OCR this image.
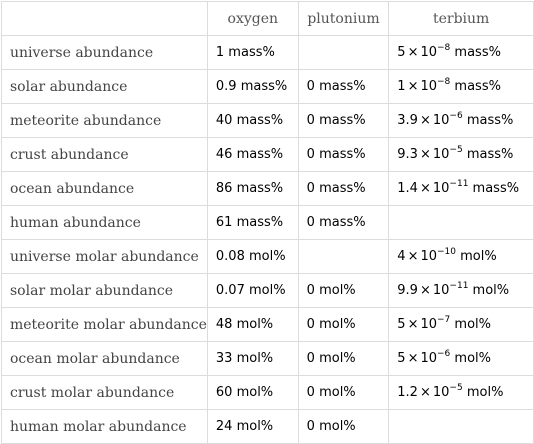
	oxygen	plutonium	terbium
universe abundance	1 mass%		$5 \times 10^{-8}$ mass%
solar abundance	0.9 mass%	0 mass%	$1 \times 10^{-8}$ mass%
meteorite abundance	40 mass%	0 mass%	$3.9 \times 10^{-6}$ mass%
crust abundance	46 mass%	0 mass%	$9.3 \times 10^{-5}$ mass%
ocean abundance	86 mass%	0 mass%	$1.4 \times 10^{-11}$ mass%
human abundance	61 mass%	0 mass%	
universe molar abundance	0.08 mol%		$4 \times 10^{-10}$ mol%
solar molar abundance	0.07 mol%	0 mol%	$9.9 \times 10^{-11}$ mol%
meteorite molar abundance	48 mol%	0 mol%	$5 \times 10^{-7}$ mol%
ocean molar abundance	33 mol%	0 mol%	$5 \times 10^{-6}$ mol%
crust molar abundance	60 mol%	0 mol%	$1.2 \times 10^{-5}$ mol%
human molar abundance	24 mol%	0 mol%	
